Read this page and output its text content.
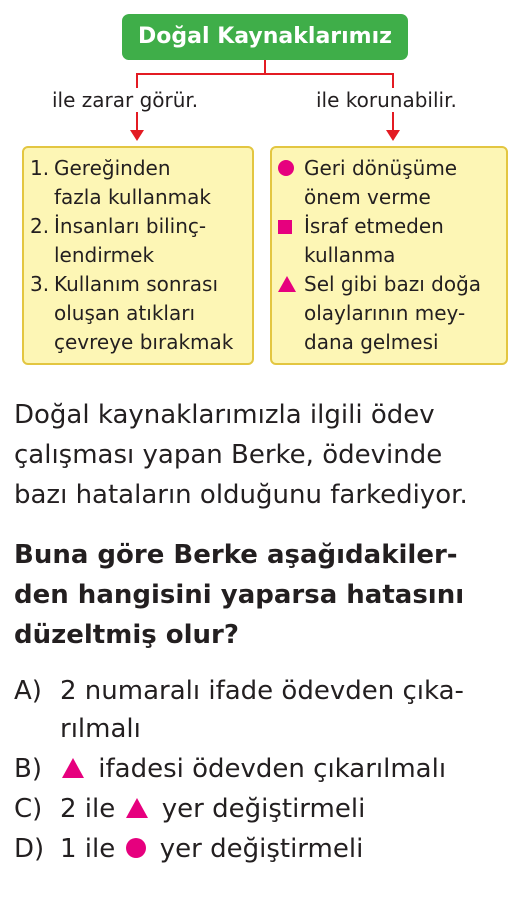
Doğal Kaynaklarımız
ile zarar görür.	ile korunabilir.
1. Gereğinden
fazla kullanmak
2. İnsanları bilinç-
lendirmek
3. Kullanım sonrası
oluşan atıkları
çevreye bırakmak
Geri dönüşüme
önem verme
İsraf etmeden
kullanma
Sel gibi bazı doğa
olaylarının mey-
dana gelmesi
Doğal kaynaklarımızla ilgili ödev
çalışması yapan Berke, ödevinde
bazı hataların olduğunu farkediyor.
Buna göre Berke aşağıdakiler-
den hangisini yaparsa hatasını
düzeltmiş olur?
A) 2 numaralı ifade ödevden çıka-
rılmalı
B)	ifadesi ödevden çıkarılmalı
C) 2 ile yer değiştirmeli
D) 1 ile yer değiştirmeli
